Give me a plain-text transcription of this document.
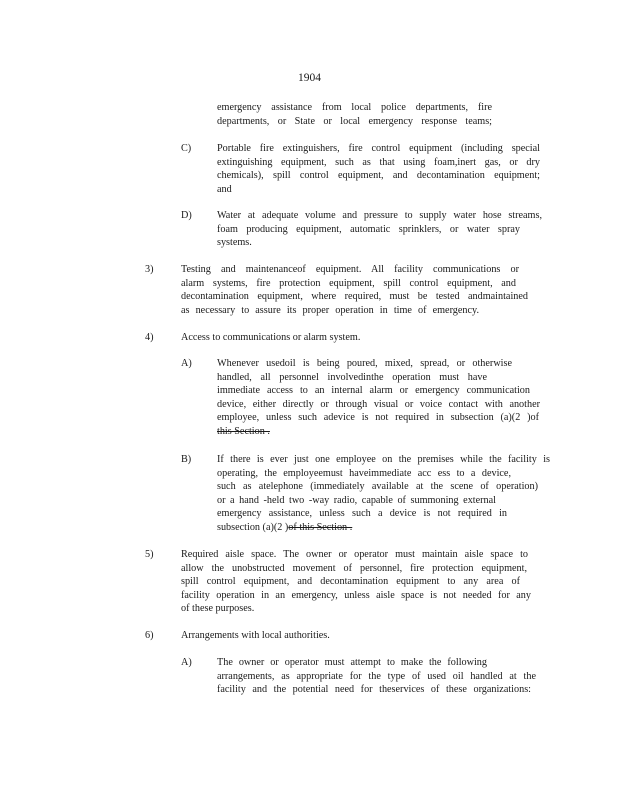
1904
emergency assistance from local police departments, fire
departments, or State or local emergency response teams;
C)	Portable fire extinguishers, fire control equipment (including special
extinguishing equipment, such as that using foam,inert gas, or dry
chemicals), spill control equipment, and decontamination equipment;
and
D) Water at adequate volume and pressure to supply water hose streams,
foam producing equipment, automatic sprinklers, or water spray
systems.
3)	Testing and maintenanceof equipment. All facility communications or
alarm systems, fire protection equipment, spill control equipment, and
decontamination equipment, where required, must be tested andmaintained
as necessary to assure its proper operation in time of emergency.
4)	Access to communications or alarm system.
A) Whenever usedoil is being poured, mixed, spread, or otherwise
handled, all personnel involvedinthe operation must have
immediate access to an internal alarm or emergency communication
device, either directly or through visual or voice contact with another
employee, unless such adevice is not required in subsection (a)(2 )of
this Section .
B)	If there is ever just one employee on the premises while the facility is
operating, the employeemust haveimmediate acc ess to a device,
such as atelephone (immediately available at the scene of operation)
or a hand -held two -way radio, capable of summoning external
emergency assistance, unless such a device is not required in
subsection (a)(2 )of this Section .
5)	Required aisle space. The owner or operator must maintain aisle space to
allow the unobstructed movement of personnel, fire protection equipment,
spill control equipment, and decontamination equipment to any area of
facility operation in an emergency, unless aisle space is not needed for any
of these purposes.
6)	Arrangements with local authorities.
A) The owner or operator must attempt to make the following
arrangements, as appropriate for the type of used oil handled at the
facility and the potential need for theservices of these organizations:
